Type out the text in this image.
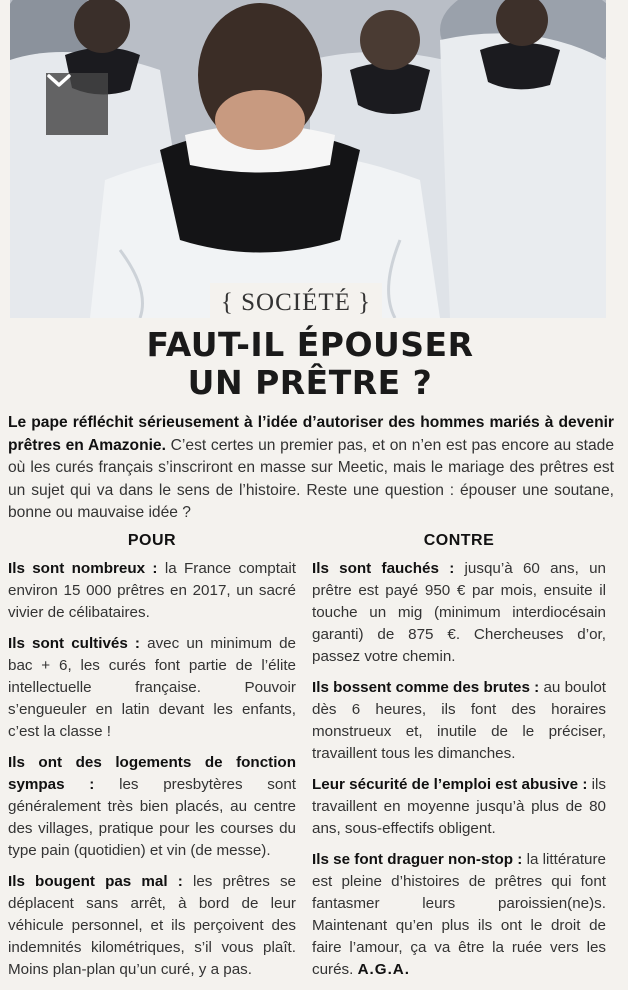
{ SOCIÉTÉ }
FAUT-IL ÉPOUSER
UN PRÊTRE ?
Le pape réfléchit sérieusement à l’idée d’autoriser des hommes mariés à devenir prêtres en Amazonie. C’est certes un premier pas, et on n’en est pas encore au stade où les curés français s’inscriront en masse sur Meetic, mais le mariage des prêtres est un sujet qui va dans le sens de l’histoire. Reste une question : épouser une soutane, bonne ou mauvaise idée ?
POUR

Ils sont nombreux : la France comptait environ 15 000 prêtres en 2017, un sacré vivier de célibataires.

Ils sont cultivés : avec un minimum de bac + 6, les curés font partie de l’élite intellectuelle française. Pouvoir s’engueuler en latin devant les enfants, c’est la classe !

Ils ont des logements de fonction sympas : les presbytères sont généralement très bien placés, au centre des villages, pratique pour les courses du type pain (quotidien) et vin (de messe).

Ils bougent pas mal : les prêtres se déplacent sans arrêt, à bord de leur véhicule personnel, et ils perçoivent des indemnités kilométriques, s’il vous plaît. Moins plan-plan qu’un curé, y a pas.

CONTRE

Ils sont fauchés : jusqu’à 60 ans, un prêtre est payé 950 € par mois, ensuite il touche un mig (minimum interdiocésain garanti) de 875 €. Chercheuses d’or, passez votre chemin.

Ils bossent comme des brutes : au boulot dès 6 heures, ils font des horaires monstrueux et, inutile de le préciser, travaillent tous les dimanches.

Leur sécurité de l’emploi est abusive : ils travaillent en moyenne jusqu’à plus de 80 ans, sous-effectifs obligent.

Ils se font draguer non-stop : la littérature est pleine d’histoires de prêtres qui font fantasmer leurs paroissien(ne)s. Maintenant qu’en plus ils ont le droit de faire l’amour, ça va être la ruée vers les curés. A.G.A.
